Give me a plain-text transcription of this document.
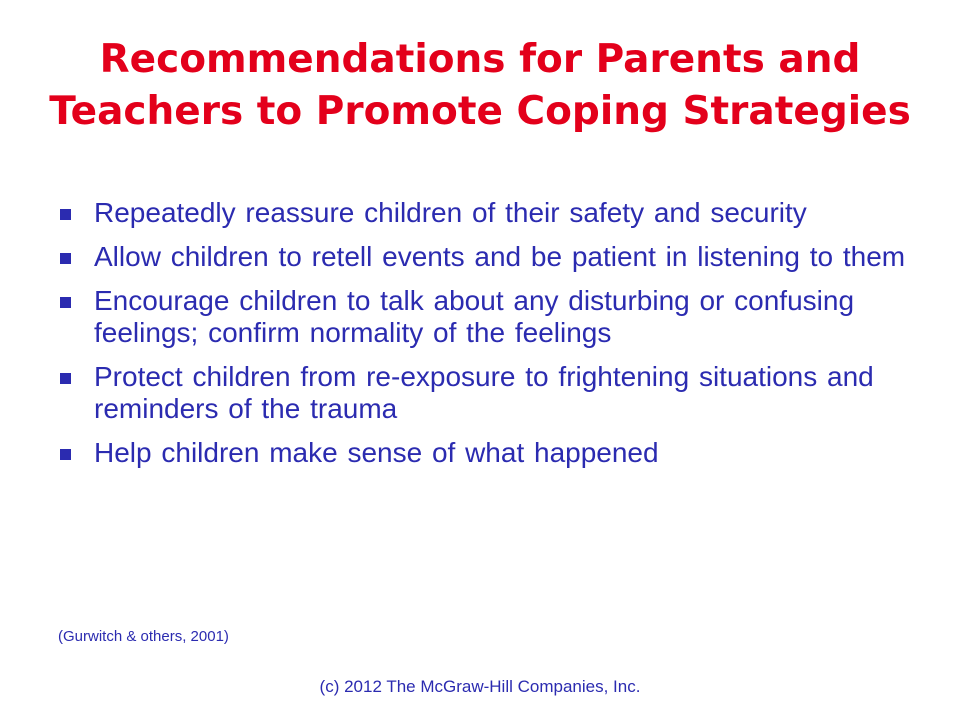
Recommendations for Parents and Teachers to Promote Coping Strategies
Repeatedly reassure children of their safety and security
Allow children to retell events and be patient in listening to them
Encourage children to talk about any disturbing or confusing feelings; confirm normality of the feelings
Protect children from re-exposure to frightening situations and reminders of the trauma
Help children make sense of what happened
(Gurwitch & others, 2001)
(c) 2012 The McGraw-Hill Companies, Inc.
